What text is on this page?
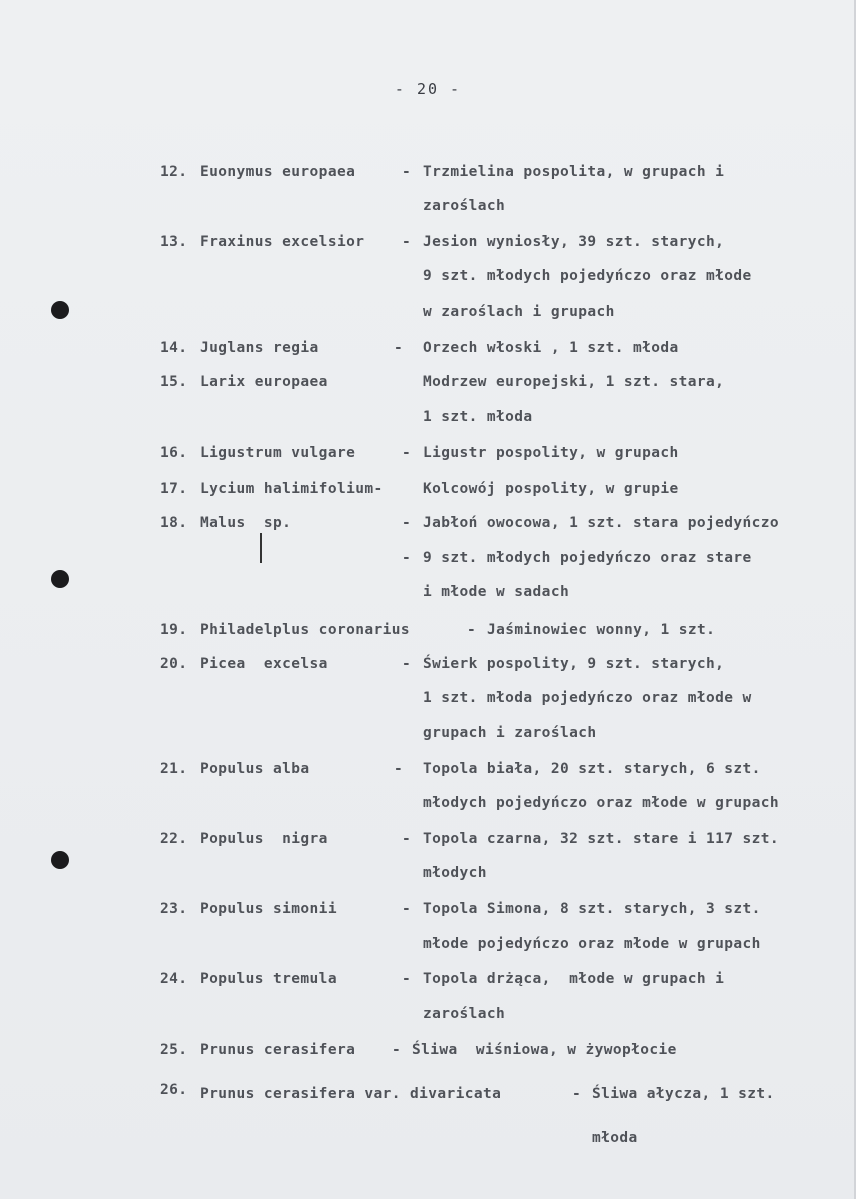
- 20 -
12. Euonymus europaea	- Trzmielina pospolita, w grupach i
zaroślach
13. Fraxinus excelsior	- Jesion wyniosły, 39 szt. starych,
9 szt. młodych pojedyńczo oraz młode
w zaroślach i grupach
14. Juglans regia	- Orzech włoski , 1 szt. młoda
15. Larix europaea	Modrzew europejski, 1 szt. stara,
1 szt. młoda
16. Ligustrum vulgare	- Ligustr pospolity, w grupach
17. Lycium halimifolium-	Kolcowój pospolity, w grupie
18. Malus  sp.	- Jabłoń owocowa, 1 szt. stara pojedyńczo
- 9 szt. młodych pojedyńczo oraz stare
i młode w sadach
19. Philadelplus coronarius	- Jaśminowiec wonny, 1 szt.
20. Picea  excelsa	- Świerk pospolity, 9 szt. starych,
1 szt. młoda pojedyńczo oraz młode w
grupach i zaroślach
21. Populus alba	- Topola biała, 20 szt. starych, 6 szt.
młodych pojedyńczo oraz młode w grupach
22. Populus  nigra	- Topola czarna, 32 szt. stare i 117 szt.
młodych
23. Populus simonii	- Topola Simona, 8 szt. starych, 3 szt.
młode pojedyńczo oraz młode w grupach
24. Populus tremula	- Topola drżąca,  młode w grupach i
zaroślach
25. Prunus cerasifera	- Śliwa  wiśniowa, w żywopłocie
26. Prunus cerasifera var. divaricata	- Śliwa ałycza, 1 szt.
młoda
